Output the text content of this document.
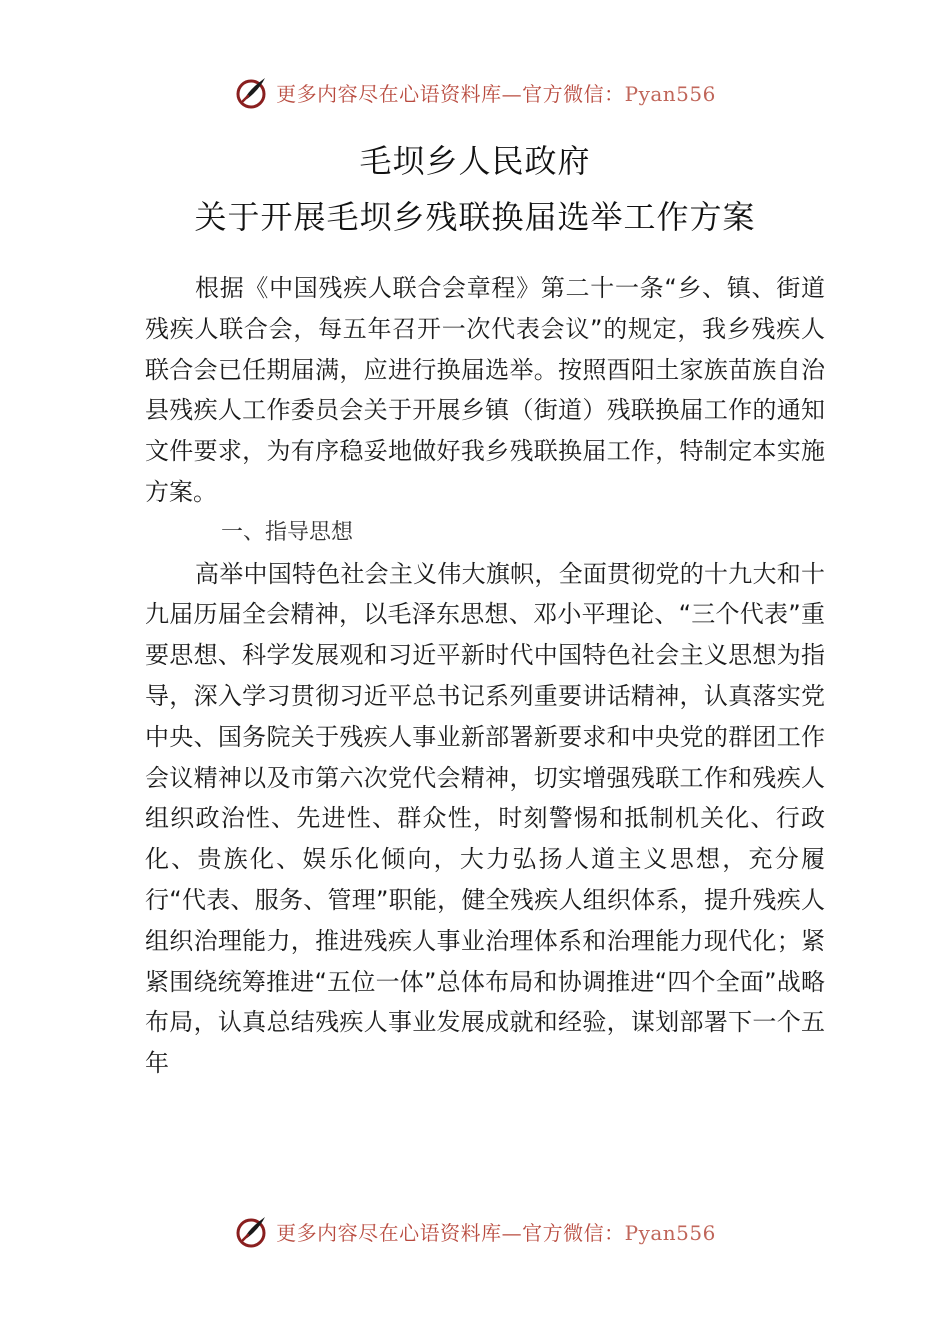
更多内容尽在心语资料库—官方微信：Pyan556
毛坝乡人民政府
关于开展毛坝乡残联换届选举工作方案

根据《中国残疾人联合会章程》第二十一条“乡、镇、街道残疾人联合会，每五年召开一次代表会议”的规定，我乡残疾人联合会已任期届满，应进行换届选举。按照酉阳土家族苗族自治县残疾人工作委员会关于开展乡镇（街道）残联换届工作的通知文件要求，为有序稳妥地做好我乡残联换届工作，特制定本实施方案。

一、指导思想

高举中国特色社会主义伟大旗帜，全面贯彻党的十九大和十九届历届全会精神，以毛泽东思想、邓小平理论、“三个代表”重要思想、科学发展观和习近平新时代中国特色社会主义思想为指导，深入学习贯彻习近平总书记系列重要讲话精神，认真落实党中央、国务院关于残疾人事业新部署新要求和中央党的群团工作会议精神以及市第六次党代会精神，切实增强残联工作和残疾人组织政治性、先进性、群众性，时刻警惕和抵制机关化、行政化、贵族化、娱乐化倾向，大力弘扬人道主义思想，充分履行“代表、服务、管理”职能，健全残疾人组织体系，提升残疾人组织治理能力，推进残疾人事业治理体系和治理能力现代化；紧紧围绕统筹推进“五位一体”总体布局和协调推进“四个全面”战略布局，认真总结残疾人事业发展成就和经验，谋划部署下一个五年

更多内容尽在心语资料库—官方微信：Pyan556
